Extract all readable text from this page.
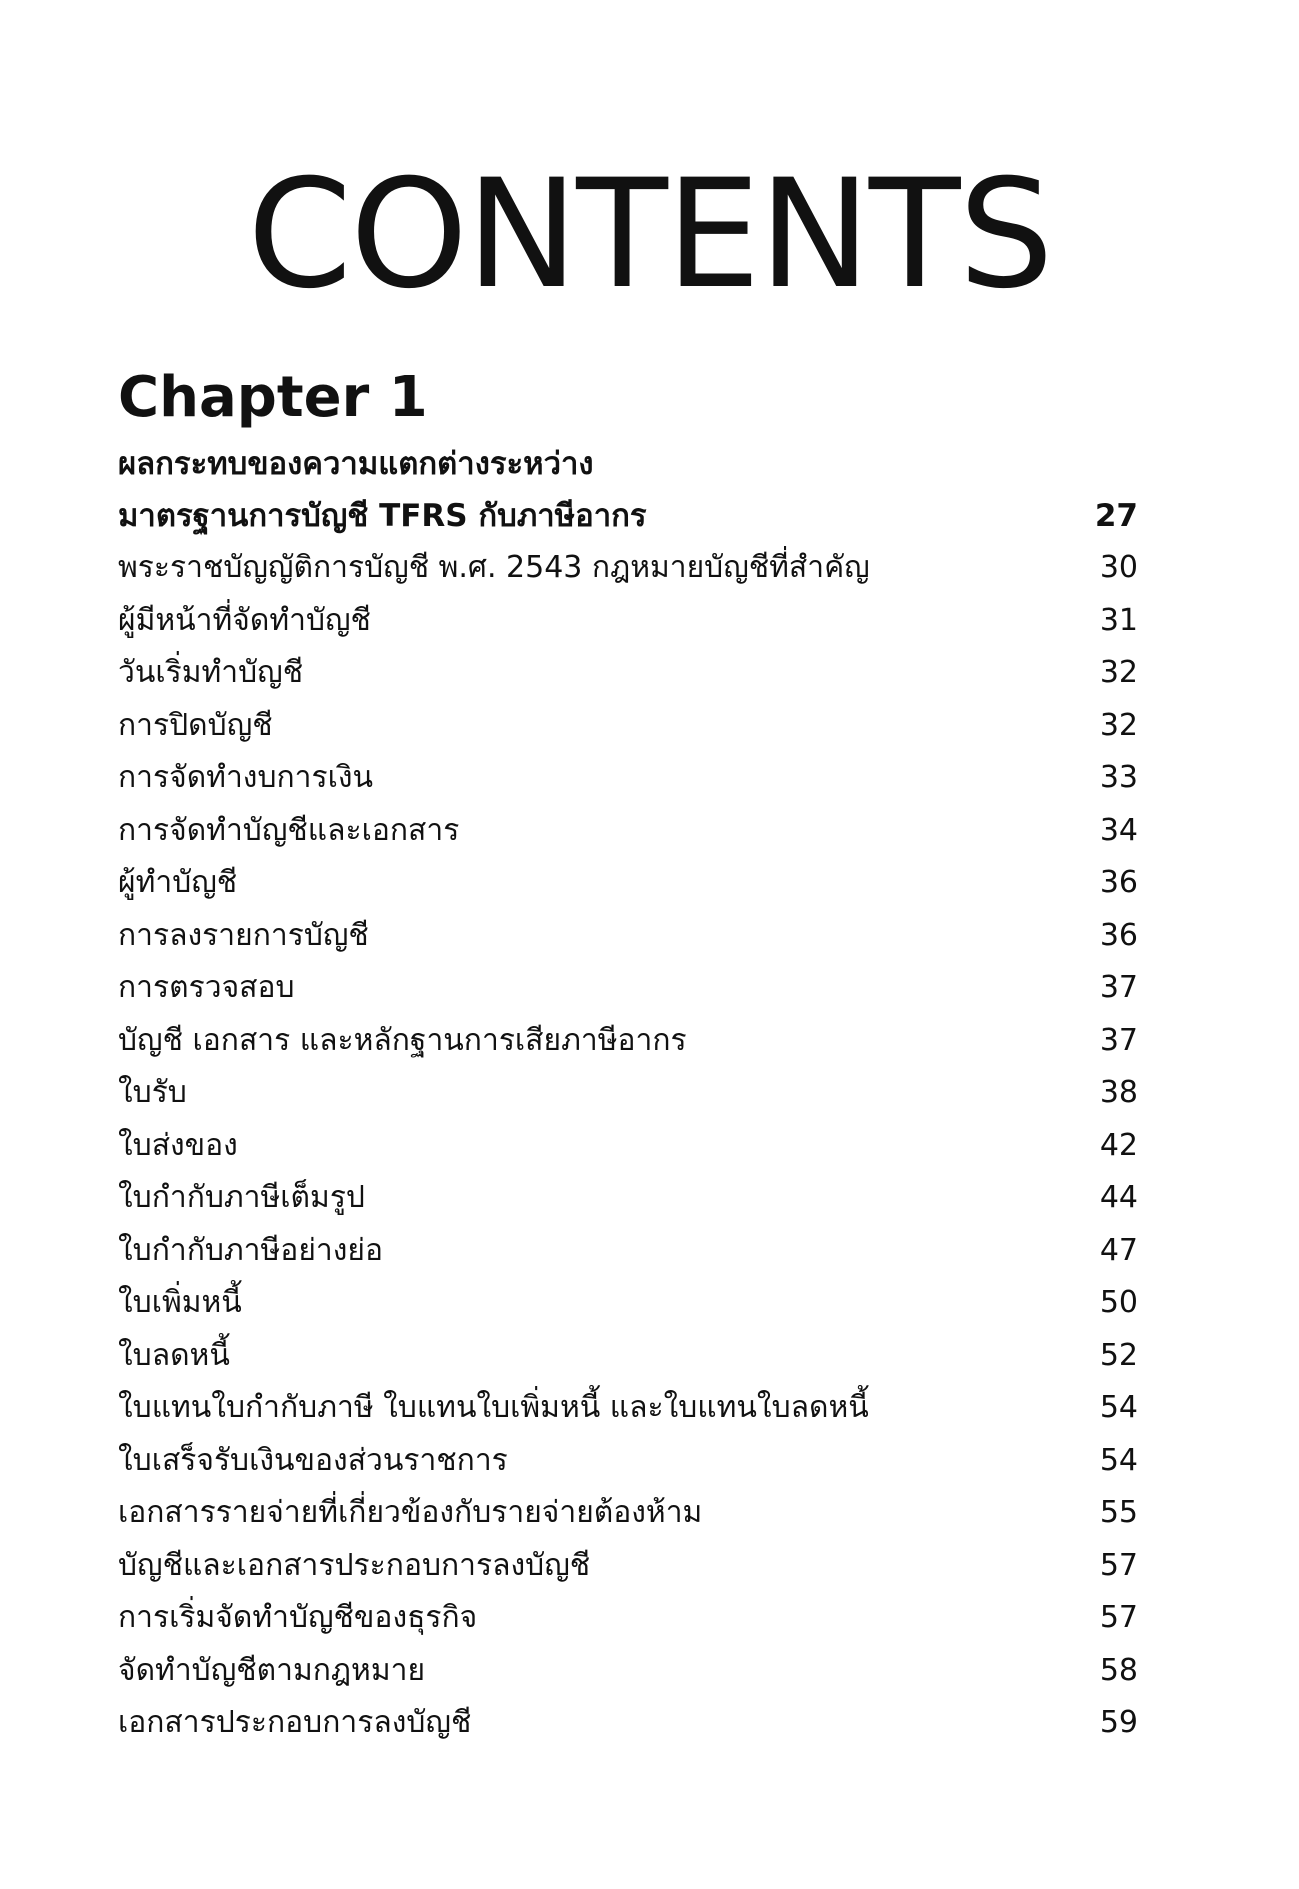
CONTENTS
Chapter 1
ผลกระทบของความแตกต่างระหว่าง
มาตรฐานการบัญชี TFRS กับภาษีอากร	27
พระราชบัญญัติการบัญชี พ.ศ. 2543 กฎหมายบัญชีที่สำคัญ	30
ผู้มีหน้าที่จัดทำบัญชี	31
วันเริ่มทำบัญชี	32
การปิดบัญชี	32
การจัดทำงบการเงิน	33
การจัดทำบัญชีและเอกสาร	34
ผู้ทำบัญชี	36
การลงรายการบัญชี	36
การตรวจสอบ	37
บัญชี เอกสาร และหลักฐานการเสียภาษีอากร	37
ใบรับ	38
ใบส่งของ	42
ใบกำกับภาษีเต็มรูป	44
ใบกำกับภาษีอย่างย่อ	47
ใบเพิ่มหนี้	50
ใบลดหนี้	52
ใบแทนใบกำกับภาษี ใบแทนใบเพิ่มหนี้ และใบแทนใบลดหนี้	54
ใบเสร็จรับเงินของส่วนราชการ	54
เอกสารรายจ่ายที่เกี่ยวข้องกับรายจ่ายต้องห้าม	55
บัญชีและเอกสารประกอบการลงบัญชี	57
การเริ่มจัดทำบัญชีของธุรกิจ	57
จัดทำบัญชีตามกฎหมาย	58
เอกสารประกอบการลงบัญชี	59
